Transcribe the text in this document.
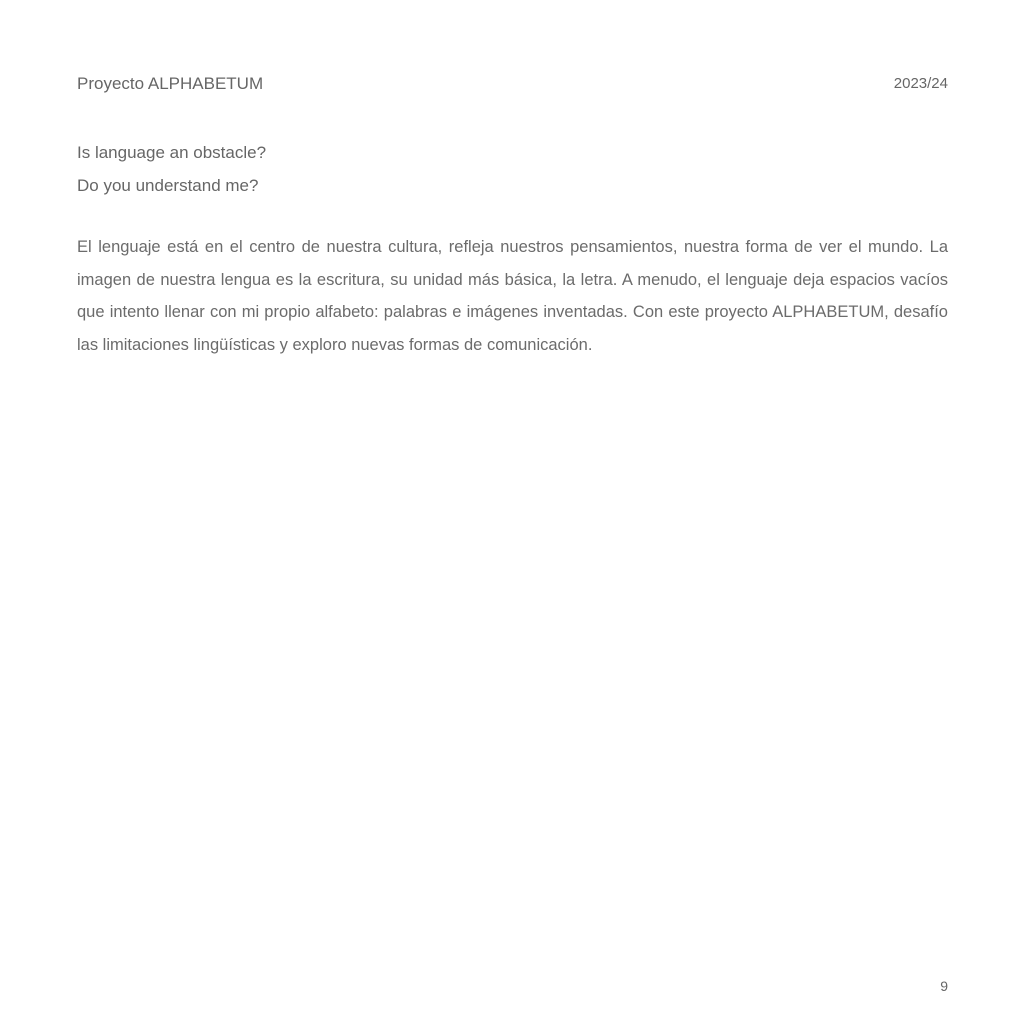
Proyecto ALPHABETUM	2023/24
Is language an obstacle?
Do you understand me?

El lenguaje está en el centro de nuestra cultura, refleja nuestros pensamientos, nuestra forma de ver el mundo. La imagen de nuestra lengua es la escritura, su unidad más básica, la letra. A menudo, el lenguaje deja espacios vacíos que intento llenar con mi propio alfabeto: palabras e imágenes inventadas. Con este proyecto ALPHABETUM, desafío las limitaciones lingüísticas y exploro nuevas formas de comunicación.

9
